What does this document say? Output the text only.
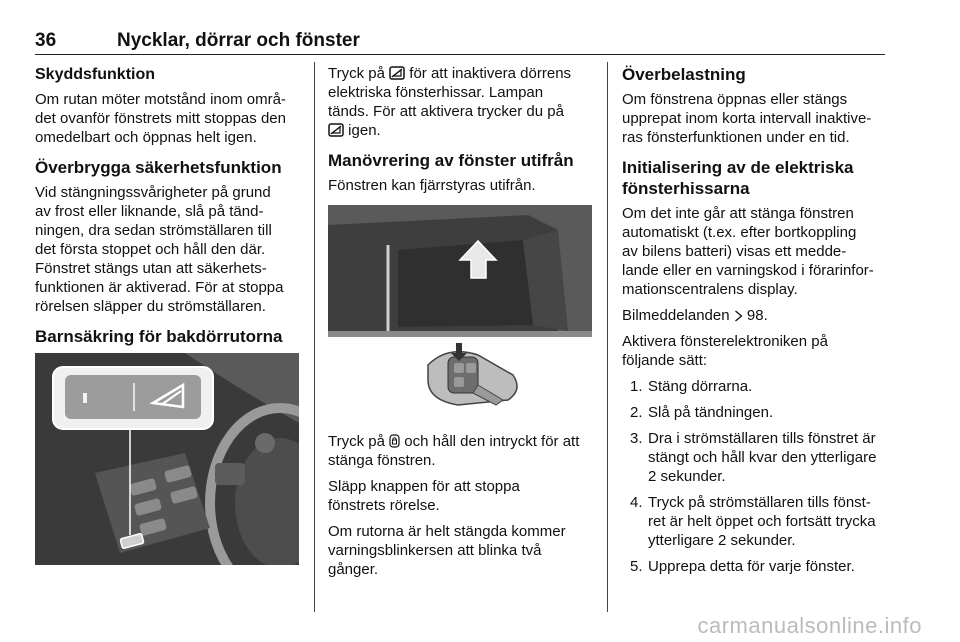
36	Nycklar, dörrar och fönster
Skyddsfunktion

Om rutan möter motstånd inom områ-
det ovanför fönstrets mitt stoppas den
omedelbart och öppnas helt igen.

Överbrygga säkerhetsfunktion

Vid stängningssvårigheter på grund
av frost eller liknande, slå på tänd-
ningen, dra sedan strömställaren till
det första stoppet och håll den där.
Fönstret stängs utan att säkerhets-
funktionen är aktiverad. För at stoppa
rörelsen släpper du strömställaren.

Barnsäkring för bakdörrutorna

Tryck på för att inaktivera dörrens
elektriska fönsterhissar. Lampan
tänds. För att aktivera trycker du på
igen.

Manövrering av fönster utifrån

Fönstren kan fjärrstyras utifrån.

Tryck på och håll den intryckt för att
stänga fönstren.

Släpp knappen för att stoppa
fönstrets rörelse.

Om rutorna är helt stängda kommer
varningsblinkersen att blinka två
gånger.

Överbelastning

Om fönstrena öppnas eller stängs
upprepat inom korta intervall inaktive-
ras fönsterfunktionen under en tid.

Initialisering av de elektriska
fönsterhissarna

Om det inte går att stänga fönstren
automatiskt (t.ex. efter bortkoppling
av bilens batteri) visas ett medde-
lande eller en varningskod i förarinfor-
mationscentralens display.

Bilmeddelanden 98.

Aktivera fönsterelektroniken på
följande sätt:

1. Stäng dörrarna.
2. Slå på tändningen.
3. Dra i strömställaren tills fönstret är
stängt och håll kvar den ytterligare
2 sekunder.
4. Tryck på strömställaren tills fönst-
ret är helt öppet och fortsätt trycka
ytterligare 2 sekunder.
5. Upprepa detta för varje fönster.
carmanualsonline.info
